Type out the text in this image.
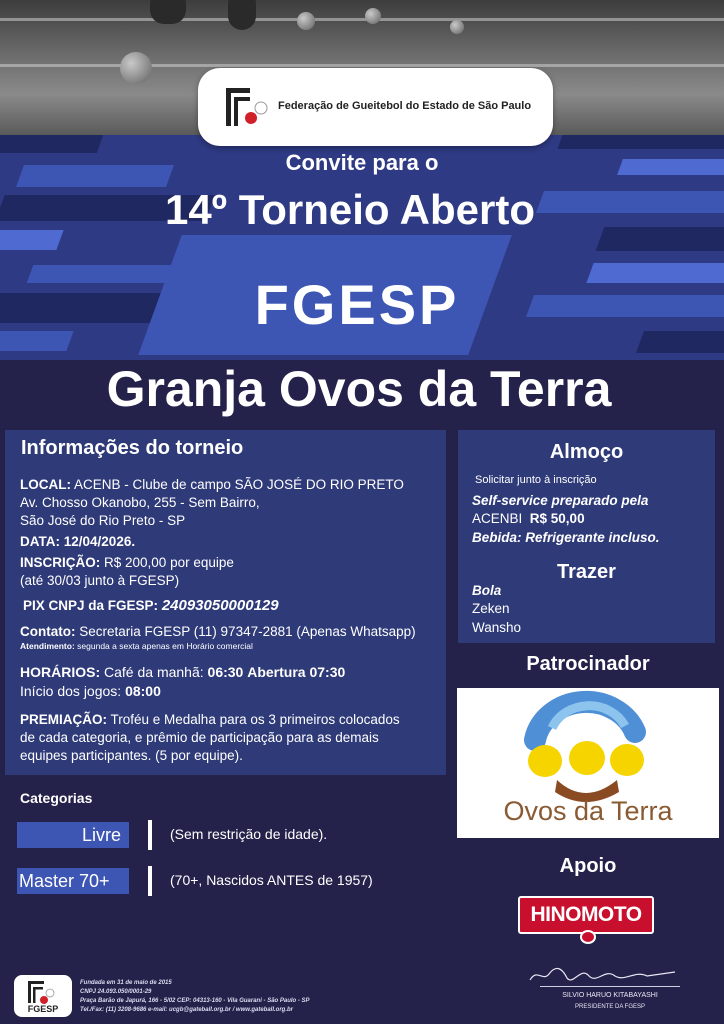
Federação de Gueitebol do Estado de São Paulo
Convite para o
14º Torneio Aberto
FGESP
Granja Ovos da Terra
Informações do torneio
LOCAL: ACENB - Clube de campo SÃO JOSÉ DO RIO PRETO
Av. Chosso Okanobo, 255 - Sem Bairro,
São José do Rio Preto - SP
DATA: 12/04/2026.
INSCRIÇÃO: R$ 200,00 por equipe
(até 30/03 junto à FGESP)
PIX CNPJ da FGESP: 24093050000129
Contato: Secretaria FGESP (11) 97347-2881 (Apenas Whatsapp)
Atendimento: segunda a sexta apenas em Horário comercial
HORÁRIOS: Café da manhã: 06:30 Abertura 07:30
Início dos jogos: 08:00
PREMIAÇÃO: Troféu e Medalha para os 3 primeiros colocados
de cada categoria, e prêmio de participação para as demais
equipes participantes. (5 por equipe).
Almoço
Solicitar junto à inscrição
Self-service preparado pela
ACENBI R$ 50,00
Bebida: Refrigerante incluso.
Trazer
Bola
Zeken
Wansho
Patrocinador
Ovos da Terra
Apoio
HINOMOTO
Categorias
Livre	(Sem restrição de idade).
Master 70+	(70+, Nascidos ANTES de 1957)
FGESP
Fundada em 31 de maio de 2015
CNPJ 24.093.050/0001-29
Praça Barão de Japurá, 166 - 5/02 CEP: 04313-160 - Vila Guarani - São Paulo - SP
Tel./Fax: (11) 3208-9686 e-mail: ucgb@gateball.org.br / www.gateball.org.br
SILVIO HARUO KITABAYASHI
PRESIDENTE DA FGESP
